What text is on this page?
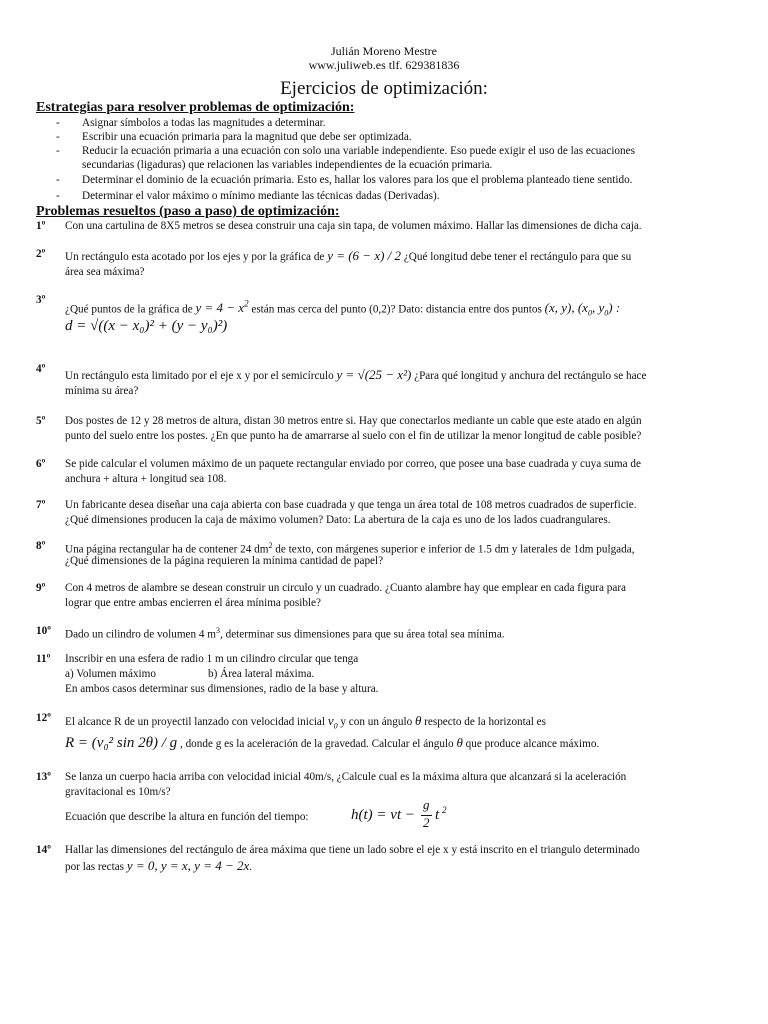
Julián Moreno Mestre
www.juliweb.es tlf. 629381836
Ejercicios de optimización:
Estrategias para resolver problemas de optimización:
- Asignar símbolos a todas las magnitudes a determinar.
- Escribir una ecuación primaria para la magnitud que debe ser optimizada.
- Reducir la ecuación primaria a una ecuación con solo una variable independiente. Eso puede exigir el uso de las ecuaciones
secundarias (ligaduras) que relacionen las variables independientes de la ecuación primaria.
- Determinar el dominio de la ecuación primaria. Esto es, hallar los valores para los que el problema planteado tiene sentido.
- Determinar el valor máximo o mínimo mediante las técnicas dadas (Derivadas).
Problemas resueltos (paso a paso) de optimización:
1º Con una cartulina de 8X5 metros se desea construir una caja sin tapa, de volumen máximo. Hallar las dimensiones de dicha caja.
2º Un rectángulo esta acotado por los ejes y por la gráfica de y = (6 − x) / 2 ¿Qué longitud debe tener el rectángulo para que su
área sea máxima?
3º
¿Qué puntos de la gráfica de $y = 4 - x^2$ están mas cerca del punto (0,2)? Dato: distancia entre dos puntos (x, y), ($x_0$, $y_0$) :
d = √((x − x₀)² + (y − y₀)²)
4º
Un rectángulo esta limitado por el eje x y por el semicírculo y = √(25 − x²) ¿Para qué longitud y anchura del rectángulo se hace
mínima su área?
5º Dos postes de 12 y 28 metros de altura, distan 30 metros entre si. Hay que conectarlos mediante un cable que este atado en algún
punto del suelo entre los postes. ¿En que punto ha de amarrarse al suelo con el fin de utilizar la menor longitud de cable posible?
6º Se pide calcular el volumen máximo de un paquete rectangular enviado por correo, que posee una base cuadrada y cuya suma de
anchura + altura + longitud sea 108.
7º Un fabricante desea diseñar una caja abierta con base cuadrada y que tenga un área total de 108 metros cuadrados de superficie.
¿Qué dimensiones producen la caja de máximo volumen? Dato: La abertura de la caja es uno de los lados cuadrangulares.
8º Una página rectangular ha de contener 24 $dm^2$ de texto, con márgenes superior e inferior de 1.5 dm y laterales de 1dm pulgada,
¿Qué dimensiones de la página requieren la mínima cantidad de papel?
9º Con 4 metros de alambre se desean construir un circulo y un cuadrado. ¿Cuanto alambre hay que emplear en cada figura para
lograr que entre ambas encierren el área mínima posible?
10º Dado un cilindro de volumen 4 $m^3$, determinar sus dimensiones para que su área total sea mínima.
11º Inscribir en una esfera de radio 1 m un cilindro circular que tenga
a) Volumen máximo	b) Área lateral máxima.
En ambos casos determinar sus dimensiones, radio de la base y altura.
12º El alcance R de un proyectil lanzado con velocidad inicial $v_0$ y con un ángulo θ respecto de la horizontal es
R = (v₀² sin 2θ) / g , donde g es la aceleración de la gravedad. Calcular el ángulo θ que produce alcance máximo.
13º Se lanza un cuerpo hacia arriba con velocidad inicial 40m/s, ¿Calcule cual es la máxima altura que alcanzará si la aceleración
gravitacional es 10m/s?
Ecuación que describe la altura en función del tiempo:	h(t) = vt −
g
2 t 2
14º Hallar las dimensiones del rectángulo de área máxima que tiene un lado sobre el eje x y está inscrito en el triangulo determinado
por las rectas y = 0, y = x, y = 4 − 2x.
